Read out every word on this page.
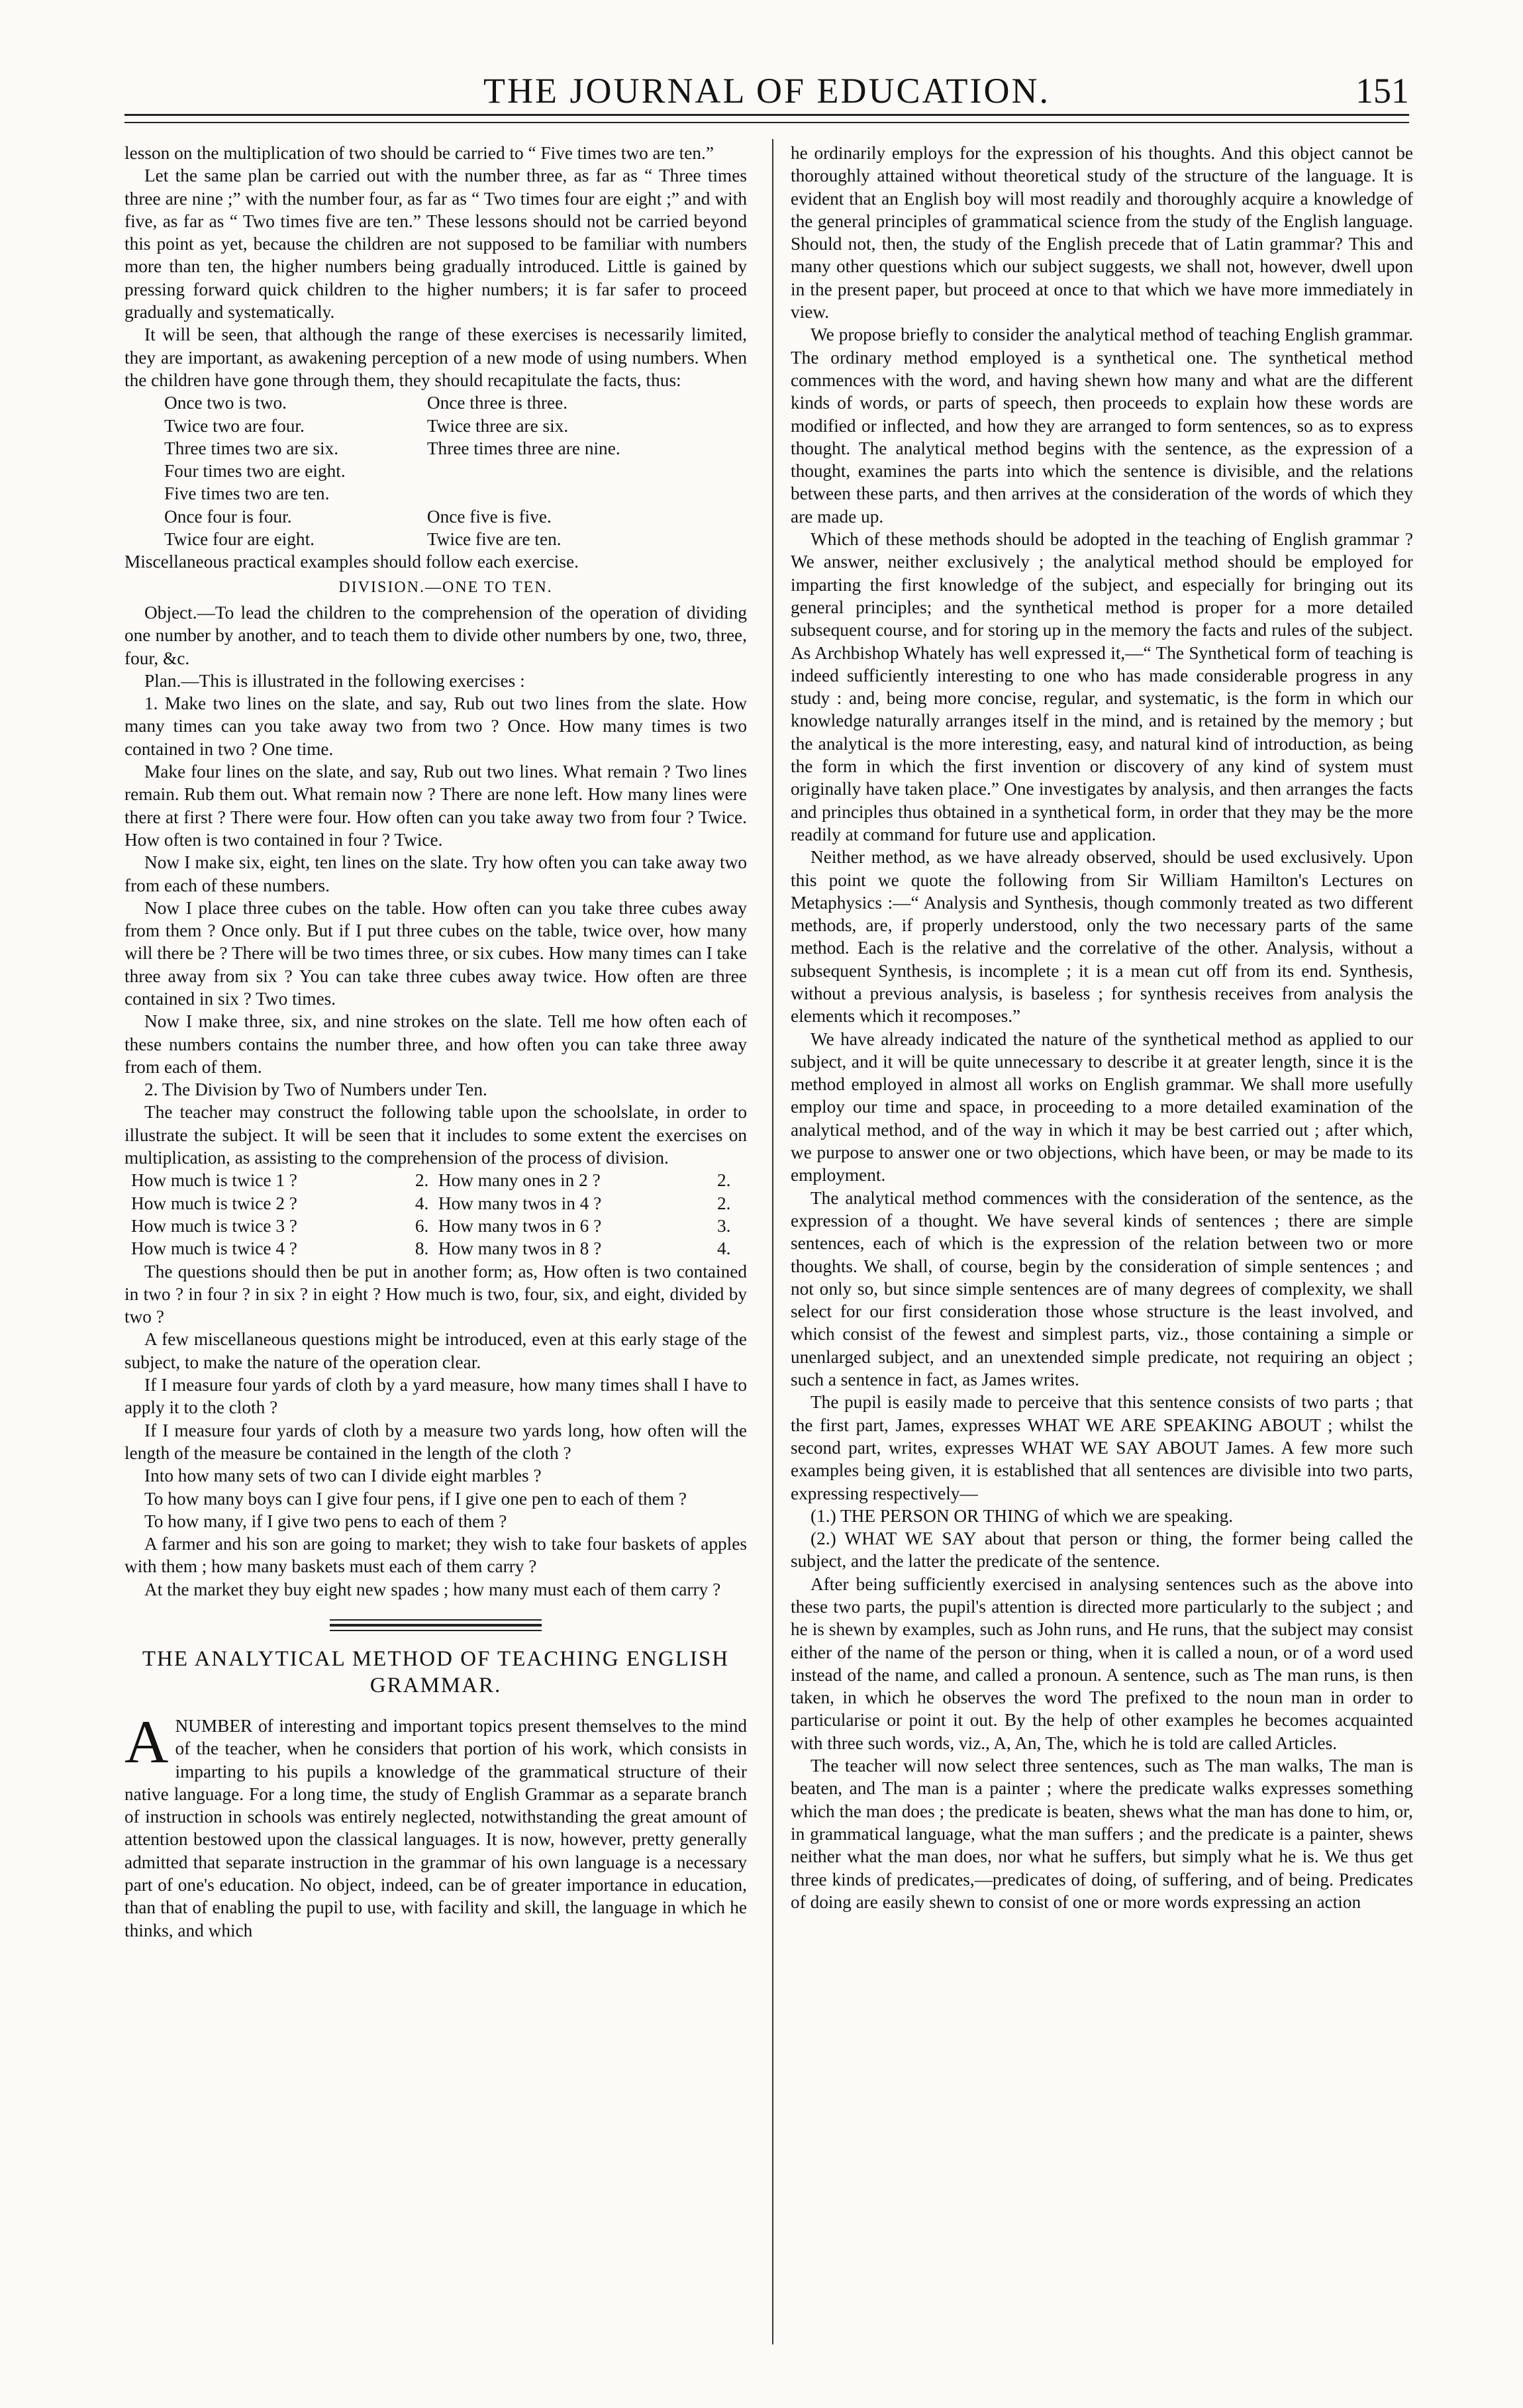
THE JOURNAL OF EDUCATION.	151

lesson on the multiplication of two should be carried to “ Five times two are ten.”

Let the same plan be carried out with the number three, as far as “ Three times three are nine ;” with the number four, as far as “ Two times four are eight ;” and with five, as far as “ Two times five are ten.” These lessons should not be carried beyond this point as yet, because the children are not supposed to be familiar with numbers more than ten, the higher numbers being gradually introduced. Little is gained by pressing forward quick children to the higher numbers; it is far safer to proceed gradually and systematically.

It will be seen, that although the range of these exercises is necessarily limited, they are important, as awakening perception of a new mode of using numbers. When the children have gone through them, they should recapitulate the facts, thus:

Once two is two.	Once three is three.
Twice two are four.	Twice three are six.
Three times two are six.	Three times three are nine.
Four times two are eight.	
Five times two are ten.	
Once four is four.	Once five is five.
Twice four are eight.	Twice five are ten.

Miscellaneous practical examples should follow each exercise.

DIVISION.—ONE TO TEN.

Object.—To lead the children to the comprehension of the operation of dividing one number by another, and to teach them to divide other numbers by one, two, three, four, &c.

Plan.—This is illustrated in the following exercises :

1. Make two lines on the slate, and say, Rub out two lines from the slate. How many times can you take away two from two ? Once. How many times is two contained in two ? One time.

Make four lines on the slate, and say, Rub out two lines. What remain ? Two lines remain. Rub them out. What remain now ? There are none left. How many lines were there at first ? There were four. How often can you take away two from four ? Twice. How often is two contained in four ? Twice.

Now I make six, eight, ten lines on the slate. Try how often you can take away two from each of these numbers.

Now I place three cubes on the table. How often can you take three cubes away from them ? Once only. But if I put three cubes on the table, twice over, how many will there be ? There will be two times three, or six cubes. How many times can I take three away from six ? You can take three cubes away twice. How often are three contained in six ? Two times.

Now I make three, six, and nine strokes on the slate. Tell me how often each of these numbers contains the number three, and how often you can take three away from each of them.

2. The Division by Two of Numbers under Ten.

The teacher may construct the following table upon the schoolslate, in order to illustrate the subject. It will be seen that it includes to some extent the exercises on multiplication, as assisting to the comprehension of the process of division.

How much is twice 1 ?	2.	How many ones in 2 ?	2.
How much is twice 2 ?	4.	How many twos in 4 ?	2.
How much is twice 3 ?	6.	How many twos in 6 ?	3.
How much is twice 4 ?	8.	How many twos in 8 ?	4.

The questions should then be put in another form; as, How often is two contained in two ? in four ? in six ? in eight ? How much is two, four, six, and eight, divided by two ?

A few miscellaneous questions might be introduced, even at this early stage of the subject, to make the nature of the operation clear.

If I measure four yards of cloth by a yard measure, how many times shall I have to apply it to the cloth ?

If I measure four yards of cloth by a measure two yards long, how often will the length of the measure be contained in the length of the cloth ?

Into how many sets of two can I divide eight marbles ?

To how many boys can I give four pens, if I give one pen to each of them ?

To how many, if I give two pens to each of them ?

A farmer and his son are going to market; they wish to take four baskets of apples with them ; how many baskets must each of them carry ?

At the market they buy eight new spades ; how many must each of them carry ?

THE ANALYTICAL METHOD OF TEACHING ENGLISH GRAMMAR.

ANUMBER of interesting and important topics present themselves to the mind of the teacher, when he considers that portion of his work, which consists in imparting to his pupils a knowledge of the grammatical structure of their native language. For a long time, the study of English Grammar as a separate branch of instruction in schools was entirely neglected, notwithstanding the great amount of attention bestowed upon the classical languages. It is now, however, pretty generally admitted that separate instruction in the grammar of his own language is a necessary part of one's education. No object, indeed, can be of greater importance in education, than that of enabling the pupil to use, with facility and skill, the language in which he thinks, and which

he ordinarily employs for the expression of his thoughts. And this object cannot be thoroughly attained without theoretical study of the structure of the language. It is evident that an English boy will most readily and thoroughly acquire a knowledge of the general principles of grammatical science from the study of the English language. Should not, then, the study of the English precede that of Latin grammar? This and many other questions which our subject suggests, we shall not, however, dwell upon in the present paper, but proceed at once to that which we have more immediately in view.

We propose briefly to consider the analytical method of teaching English grammar. The ordinary method employed is a synthetical one. The synthetical method commences with the word, and having shewn how many and what are the different kinds of words, or parts of speech, then proceeds to explain how these words are modified or inflected, and how they are arranged to form sentences, so as to express thought. The analytical method begins with the sentence, as the expression of a thought, examines the parts into which the sentence is divisible, and the relations between these parts, and then arrives at the consideration of the words of which they are made up.

Which of these methods should be adopted in the teaching of English grammar ? We answer, neither exclusively ; the analytical method should be employed for imparting the first knowledge of the subject, and especially for bringing out its general principles; and the synthetical method is proper for a more detailed subsequent course, and for storing up in the memory the facts and rules of the subject. As Archbishop Whately has well expressed it,—“ The Synthetical form of teaching is indeed sufficiently interesting to one who has made considerable progress in any study : and, being more concise, regular, and systematic, is the form in which our knowledge naturally arranges itself in the mind, and is retained by the memory ; but the analytical is the more interesting, easy, and natural kind of introduction, as being the form in which the first invention or discovery of any kind of system must originally have taken place.” One investigates by analysis, and then arranges the facts and principles thus obtained in a synthetical form, in order that they may be the more readily at command for future use and application.

Neither method, as we have already observed, should be used exclusively. Upon this point we quote the following from Sir William Hamilton's Lectures on Metaphysics :—“ Analysis and Synthesis, though commonly treated as two different methods, are, if properly understood, only the two necessary parts of the same method. Each is the relative and the correlative of the other. Analysis, without a subsequent Synthesis, is incomplete ; it is a mean cut off from its end. Synthesis, without a previous analysis, is baseless ; for synthesis receives from analysis the elements which it recomposes.”

We have already indicated the nature of the synthetical method as applied to our subject, and it will be quite unnecessary to describe it at greater length, since it is the method employed in almost all works on English grammar. We shall more usefully employ our time and space, in proceeding to a more detailed examination of the analytical method, and of the way in which it may be best carried out ; after which, we purpose to answer one or two objections, which have been, or may be made to its employment.

The analytical method commences with the consideration of the sentence, as the expression of a thought. We have several kinds of sentences ; there are simple sentences, each of which is the expression of the relation between two or more thoughts. We shall, of course, begin by the consideration of simple sentences ; and not only so, but since simple sentences are of many degrees of complexity, we shall select for our first consideration those whose structure is the least involved, and which consist of the fewest and simplest parts, viz., those containing a simple or unenlarged subject, and an unextended simple predicate, not requiring an object ; such a sentence in fact, as James writes.

The pupil is easily made to perceive that this sentence consists of two parts ; that the first part, James, expresses WHAT WE ARE SPEAKING ABOUT ; whilst the second part, writes, expresses WHAT WE SAY ABOUT James. A few more such examples being given, it is established that all sentences are divisible into two parts, expressing respectively—

(1.) THE PERSON OR THING of which we are speaking.

(2.) WHAT WE SAY about that person or thing, the former being called the subject, and the latter the predicate of the sentence.

After being sufficiently exercised in analysing sentences such as the above into these two parts, the pupil's attention is directed more particularly to the subject ; and he is shewn by examples, such as John runs, and He runs, that the subject may consist either of the name of the person or thing, when it is called a noun, or of a word used instead of the name, and called a pronoun. A sentence, such as The man runs, is then taken, in which he observes the word The prefixed to the noun man in order to particularise or point it out. By the help of other examples he becomes acquainted with three such words, viz., A, An, The, which he is told are called Articles.

The teacher will now select three sentences, such as The man walks, The man is beaten, and The man is a painter ; where the predicate walks expresses something which the man does ; the predicate is beaten, shews what the man has done to him, or, in grammatical language, what the man suffers ; and the predicate is a painter, shews neither what the man does, nor what he suffers, but simply what he is. We thus get three kinds of predicates,—predicates of doing, of suffering, and of being. Predicates of doing are easily shewn to consist of one or more words expressing an action
